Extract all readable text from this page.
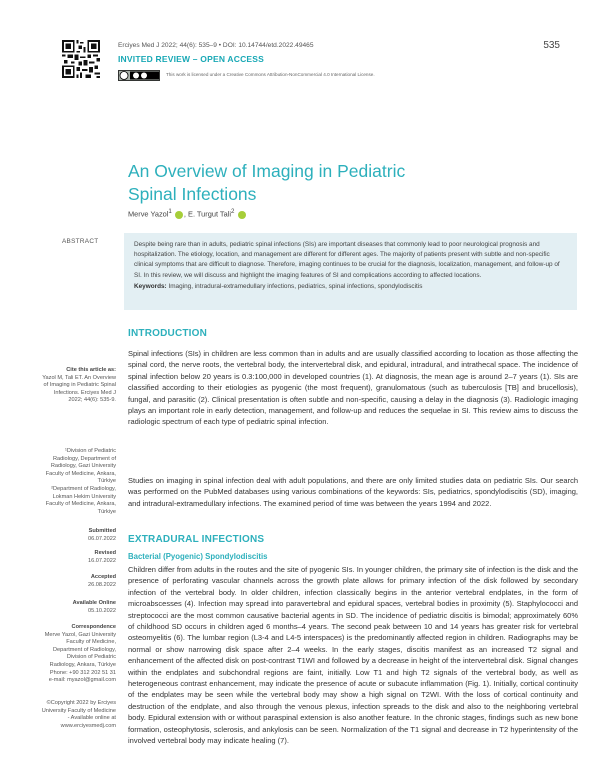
Erciyes Med J 2022; 44(6): 535–9 • DOI: 10.14744/etd.2022.49465	535
INVITED REVIEW – OPEN ACCESS
This work is licensed under a Creative Commons Attribution-NonCommercial 4.0 International License.
An Overview of Imaging in Pediatric Spinal Infections
Merve Yazol$^1$ , E. Turgut Tali$^2$
ABSTRACT	Despite being rare than in adults, pediatric spinal infections (SIs) are important diseases that commonly lead to poor neurological prognosis and hospitalization. The etiology, location, and management are different for different ages. The majority of patients present with subtle and non-specific clinical symptoms that are difficult to diagnose. Therefore, imaging continues to be crucial for the diagnosis, localization, management, and follow-up of SI. In this review, we will discuss and highlight the imaging features of SI and complications according to affected locations.

Keywords: Imaging, intradural-extramedullary infections, pediatrics, spinal infections, spondylodiscitis

Cite this article as:
Yazol M, Tali ET. An Overview of Imaging in Pediatric Spinal Infections. Erciyes Med J 2022; 44(6): 535-9.
¹Division of Pediatric Radiology, Department of Radiology, Gazi University Faculty of Medicine, Ankara, Türkiye
²Department of Radiology, Lokman Hekim University Faculty of Medicine, Ankara, Türkiye
Submitted
06.07.2022
Revised
16.07.2022
Accepted
26.08.2022
Available Online
05.10.2022
Correspondence
Merve Yazol, Gazi University Faculty of Medicine, Department of Radiology, Division of Pediatric Radiology, Ankara, Türkiye
Phone: +90 312 202 51 31
e-mail: myazol@gmail.com
©Copyright 2022 by Erciyes University Faculty of Medicine - Available online at www.erciyesmedj.com
INTRODUCTION

Spinal infections (SIs) in children are less common than in adults and are usually classified according to location as those affecting the spinal cord, the nerve roots, the vertebral body, the intervertebral disk, and epidural, intradural, and intrathecal space. The incidence of spinal infection below 20 years is 0.3:100,000 in developed countries (1). At diagnosis, the mean age is around 2–7 years (1). SIs are classified according to their etiologies as pyogenic (the most frequent), granulomatous (such as tuberculosis [TB] and brucellosis), fungal, and parasitic (2). Clinical presentation is often subtle and non-specific, causing a delay in the diagnosis (3). Radiologic imaging plays an important role in early detection, management, and follow-up and reduces the sequelae in SI. This review aims to discuss the radiologic spectrum of each type of pediatric spinal infection.

Studies on imaging in spinal infection deal with adult populations, and there are only limited studies data on pediatric SIs. Our search was performed on the PubMed databases using various combinations of the keywords: SIs, pediatrics, spondylodiscitis (SD), imaging, and intradural-extramedullary infections. The examined period of time was between the years 1994 and 2022.

EXTRADURAL INFECTIONS
Bacterial (Pyogenic) Spondylodiscitis

Children differ from adults in the routes and the site of pyogenic SIs. In younger children, the primary site of infection is the disk and the presence of perforating vascular channels across the growth plate allows for primary infection of the disk followed by secondary infection of the vertebral body. In older children, infection classically begins in the anterior vertebral endplates, in the form of microabscesses (4). Infection may spread into paravertebral and epidural spaces, vertebral bodies in proximity (5). Staphylococci and streptococci are the most common causative bacterial agents in SD. The incidence of pediatric discitis is bimodal; approximately 60% of childhood SD occurs in children aged 6 months–4 years. The second peak between 10 and 14 years has greater risk for vertebral osteomyelitis (6). The lumbar region (L3-4 and L4-5 interspaces) is the predominantly affected region in children. Radiographs may be normal or show narrowing disk space after 2–4 weeks. In the early stages, discitis manifest as an increased T2 signal and enhancement of the affected disk on post-contrast T1WI and followed by a decrease in height of the intervertebral disk. Signal changes within the endplates and subchondral regions are faint, initially. Low T1 and high T2 signals of the vertebral body, as well as heterogeneous contrast enhancement, may indicate the presence of acute or subacute inflammation (Fig. 1). Initially, cortical continuity of the endplates may be seen while the vertebral body may show a high signal on T2WI. With the loss of cortical continuity and destruction of the endplate, and also through the venous plexus, infection spreads to the disk and also to the neighboring vertebral body. Epidural extension with or without paraspinal extension is also another feature. In the chronic stages, findings such as new bone formation, osteophytosis, sclerosis, and ankylosis can be seen. Normalization of the T1 signal and decrease in T2 hyperintensity of the involved vertebral body may indicate healing (7).
